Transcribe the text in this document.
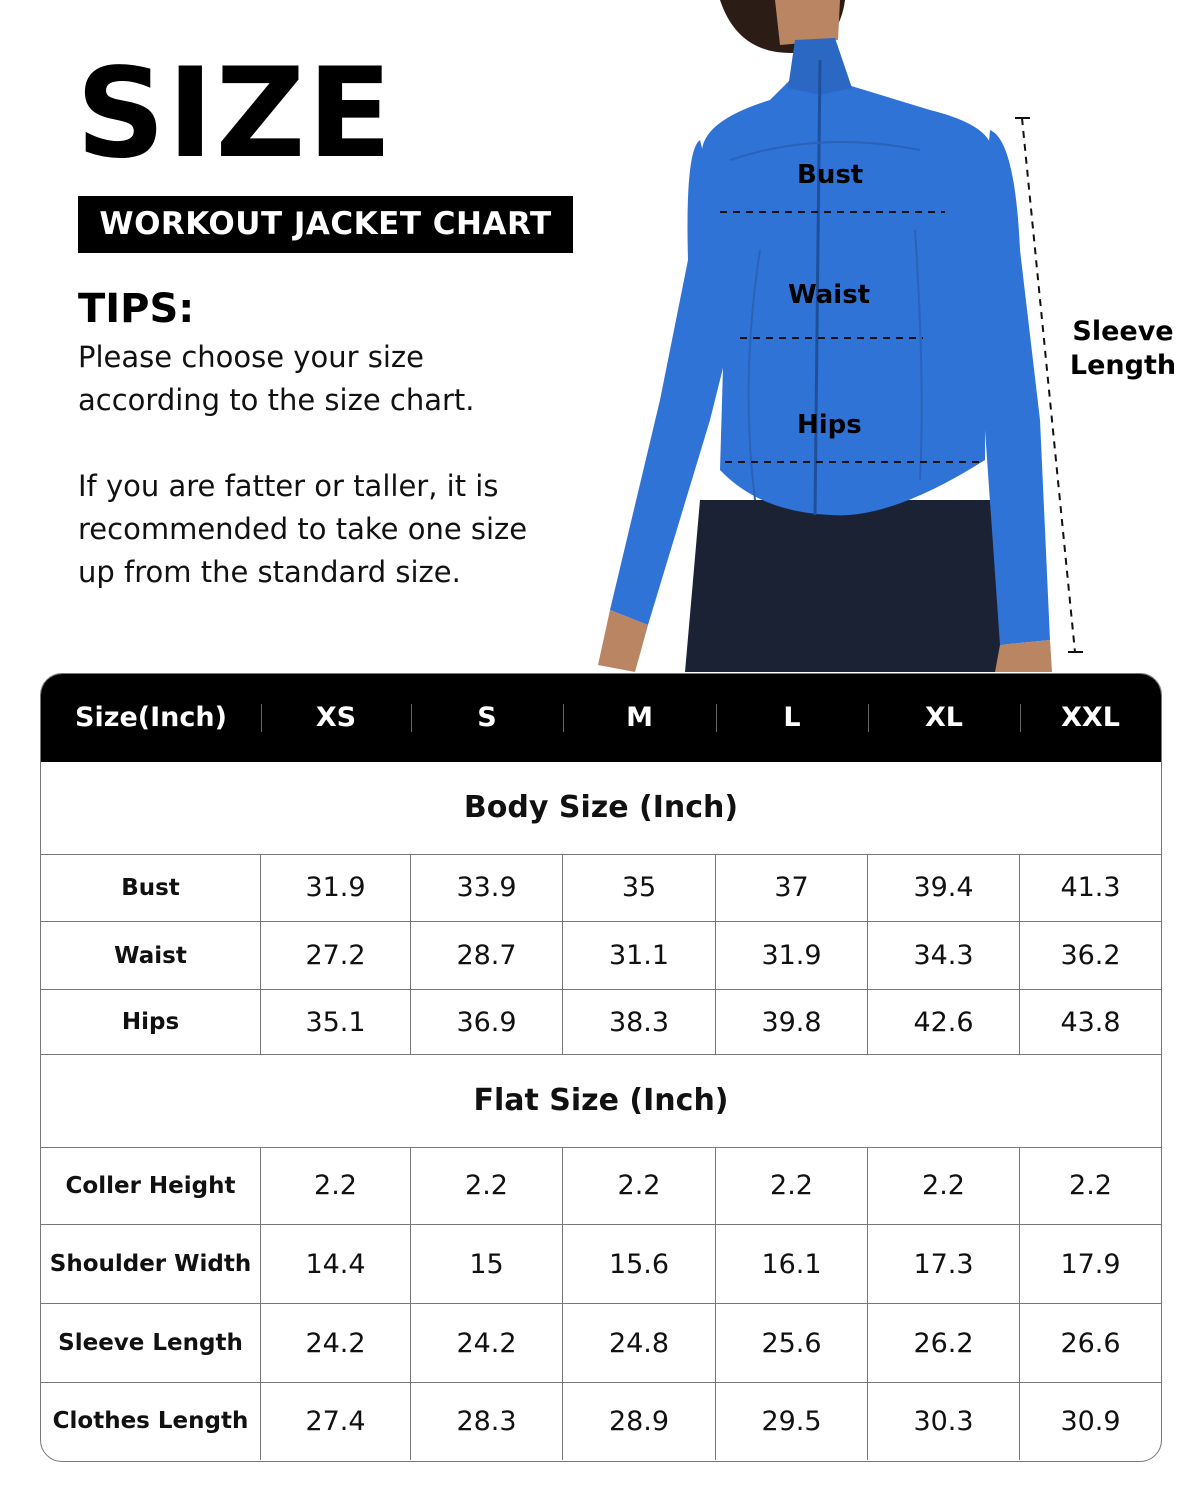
SIZE
WORKOUT JACKET CHART
TIPS:
Please choose your size
according to the size chart.
If you are fatter or taller, it is
recommended to take one size
up from the standard size.
Bust
Waist
Hips
Sleeve
Length
Size(Inch)	XS	S	M	L	XL	XXL
Body Size (Inch)
Bust	31.9	33.9	35	37	39.4	41.3
Waist	27.2	28.7	31.1	31.9	34.3	36.2
Hips	35.1	36.9	38.3	39.8	42.6	43.8
Flat Size (Inch)
Coller Height	2.2	2.2	2.2	2.2	2.2	2.2
Shoulder Width	14.4	15	15.6	16.1	17.3	17.9
Sleeve Length	24.2	24.2	24.8	25.6	26.2	26.6
Clothes Length	27.4	28.3	28.9	29.5	30.3	30.9
